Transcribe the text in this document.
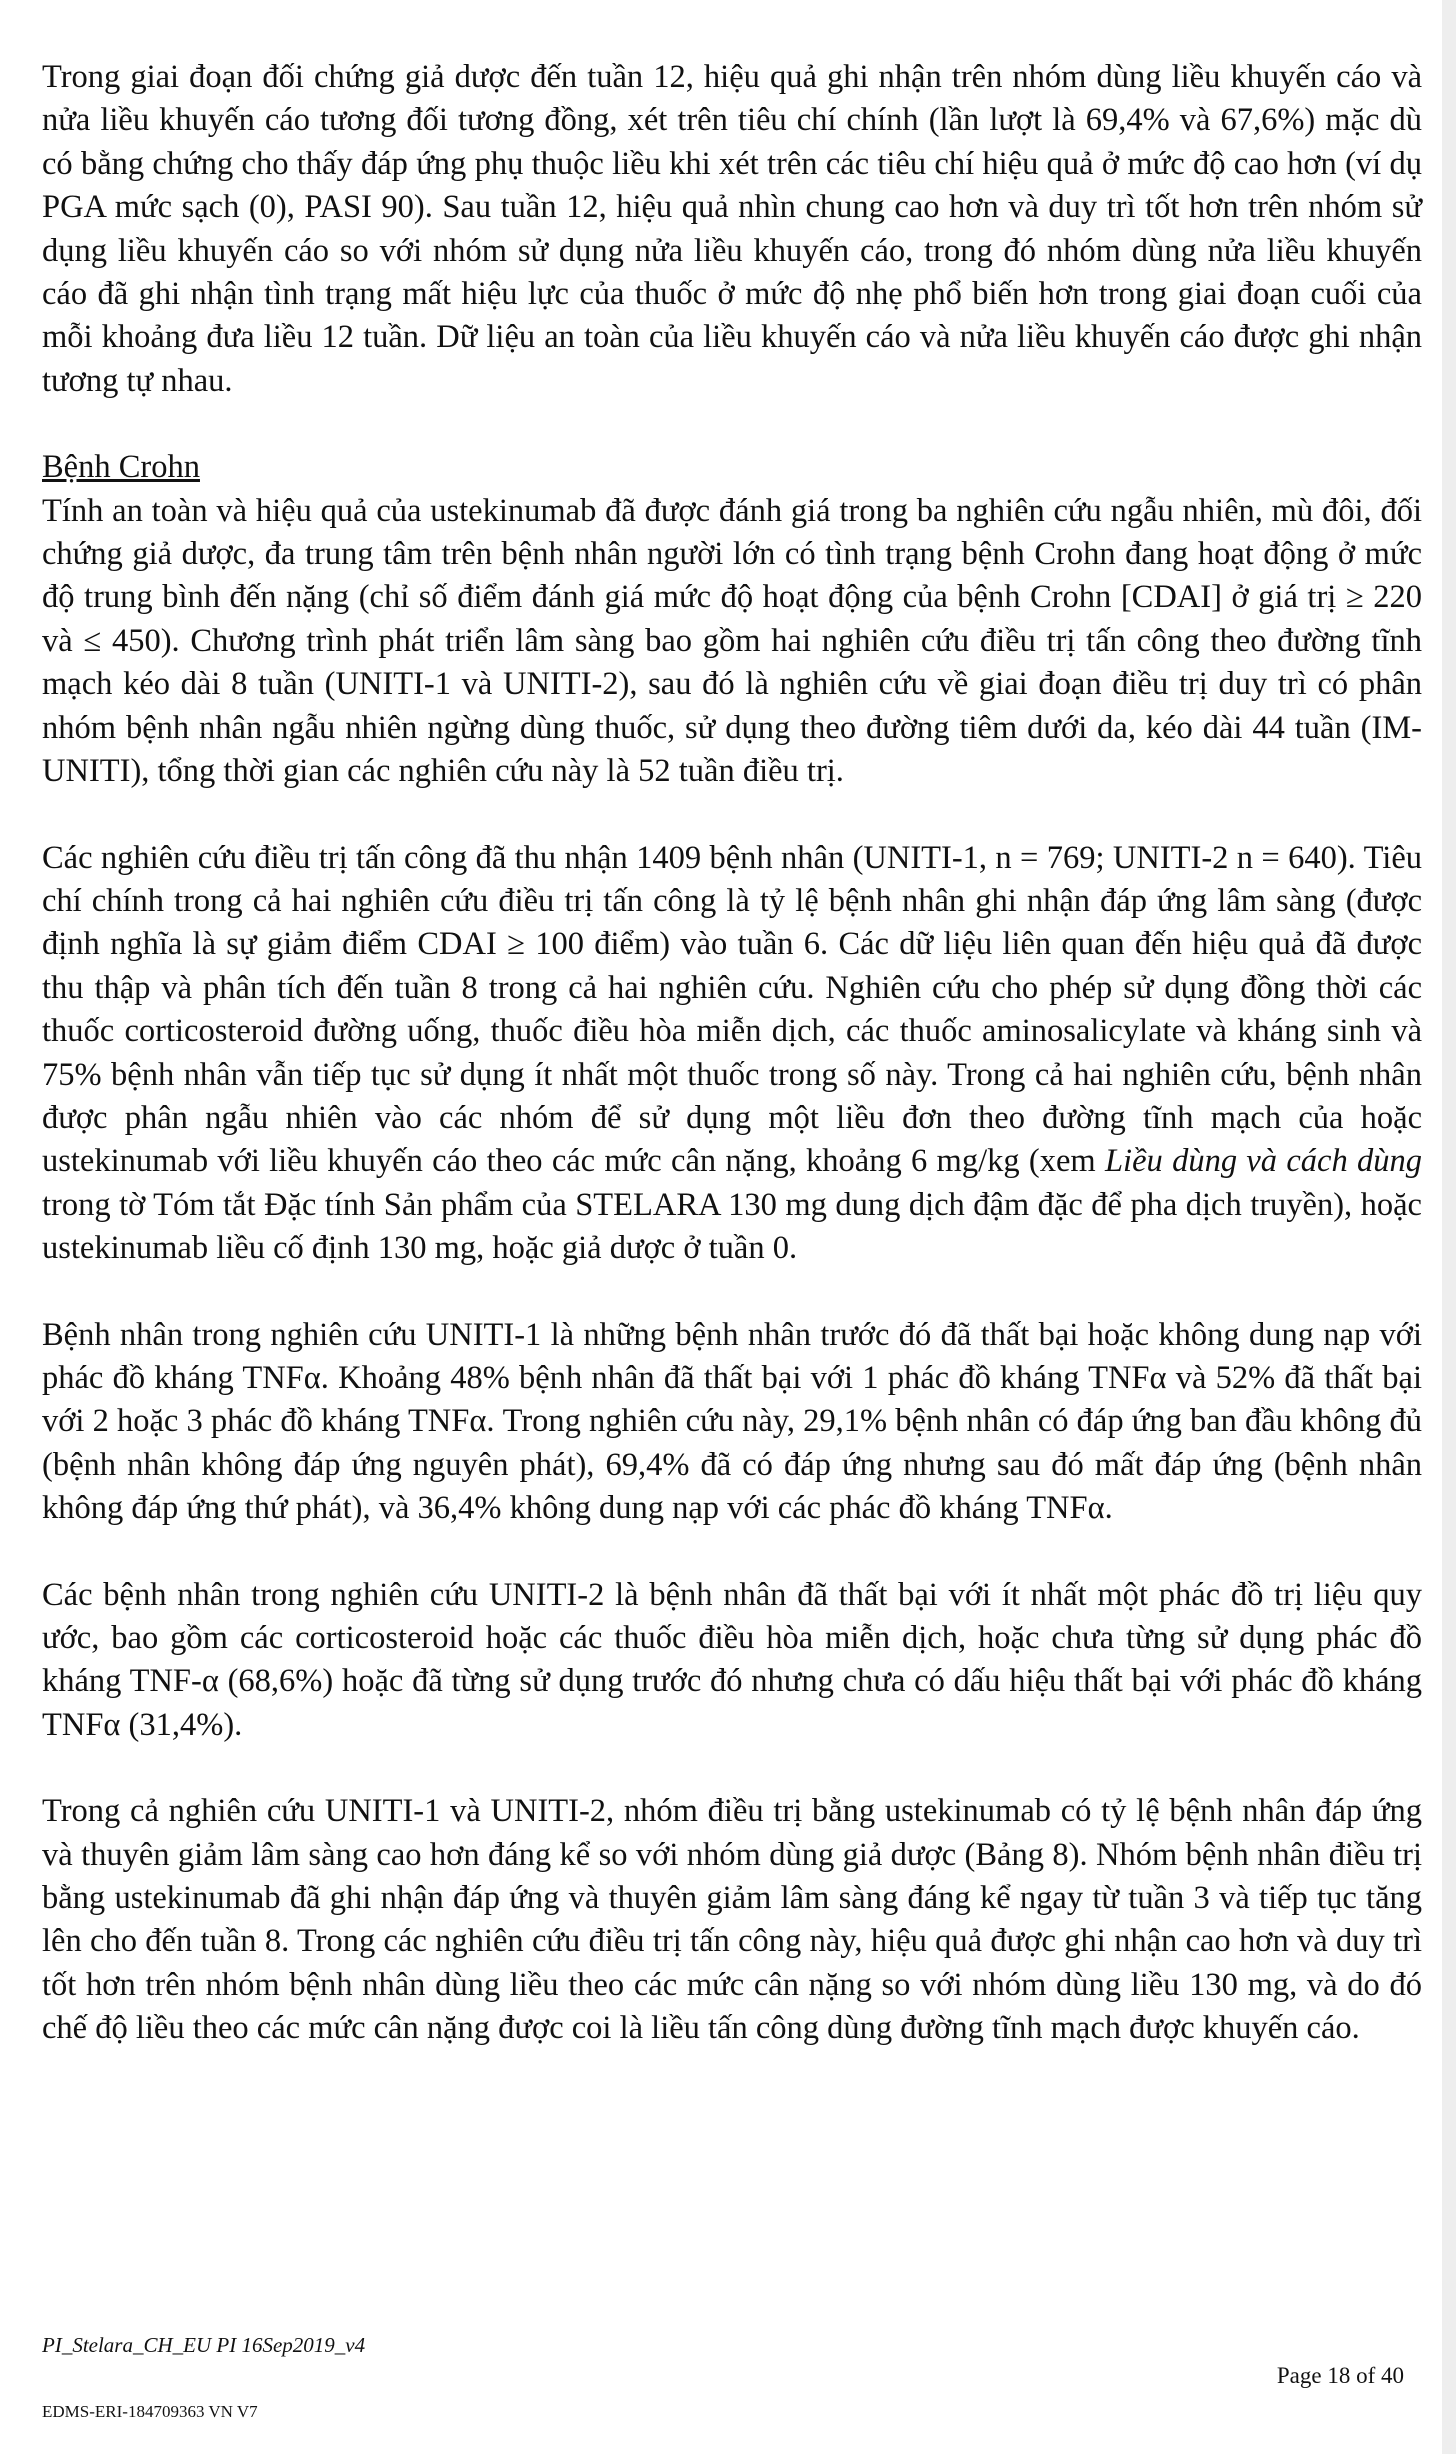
Trong giai đoạn đối chứng giả dược đến tuần 12, hiệu quả ghi nhận trên nhóm dùng liều khuyến cáo và nửa liều khuyến cáo tương đối tương đồng, xét trên tiêu chí chính (lần lượt là 69,4% và 67,6%) mặc dù có bằng chứng cho thấy đáp ứng phụ thuộc liều khi xét trên các tiêu chí hiệu quả ở mức độ cao hơn (ví dụ PGA mức sạch (0), PASI 90). Sau tuần 12, hiệu quả nhìn chung cao hơn và duy trì tốt hơn trên nhóm sử dụng liều khuyến cáo so với nhóm sử dụng nửa liều khuyến cáo, trong đó nhóm dùng nửa liều khuyến cáo đã ghi nhận tình trạng mất hiệu lực của thuốc ở mức độ nhẹ phổ biến hơn trong giai đoạn cuối của mỗi khoảng đưa liều 12 tuần. Dữ liệu an toàn của liều khuyến cáo và nửa liều khuyến cáo được ghi nhận tương tự nhau.

Bệnh Crohn
Tính an toàn và hiệu quả của ustekinumab đã được đánh giá trong ba nghiên cứu ngẫu nhiên, mù đôi, đối chứng giả dược, đa trung tâm trên bệnh nhân người lớn có tình trạng bệnh Crohn đang hoạt động ở mức độ trung bình đến nặng (chỉ số điểm đánh giá mức độ hoạt động của bệnh Crohn [CDAI] ở giá trị ≥ 220 và ≤ 450). Chương trình phát triển lâm sàng bao gồm hai nghiên cứu điều trị tấn công theo đường tĩnh mạch kéo dài 8 tuần (UNITI-1 và UNITI-2), sau đó là nghiên cứu về giai đoạn điều trị duy trì có phân nhóm bệnh nhân ngẫu nhiên ngừng dùng thuốc, sử dụng theo đường tiêm dưới da, kéo dài 44 tuần (IM-UNITI), tổng thời gian các nghiên cứu này là 52 tuần điều trị.

Các nghiên cứu điều trị tấn công đã thu nhận 1409 bệnh nhân (UNITI-1, n = 769; UNITI-2 n = 640). Tiêu chí chính trong cả hai nghiên cứu điều trị tấn công là tỷ lệ bệnh nhân ghi nhận đáp ứng lâm sàng (được định nghĩa là sự giảm điểm CDAI ≥ 100 điểm) vào tuần 6. Các dữ liệu liên quan đến hiệu quả đã được thu thập và phân tích đến tuần 8 trong cả hai nghiên cứu. Nghiên cứu cho phép sử dụng đồng thời các thuốc corticosteroid đường uống, thuốc điều hòa miễn dịch, các thuốc aminosalicylate và kháng sinh và 75% bệnh nhân vẫn tiếp tục sử dụng ít nhất một thuốc trong số này. Trong cả hai nghiên cứu, bệnh nhân được phân ngẫu nhiên vào các nhóm để sử dụng một liều đơn theo đường tĩnh mạch của hoặc ustekinumab với liều khuyến cáo theo các mức cân nặng, khoảng 6 mg/kg (xem Liều dùng và cách dùng trong tờ Tóm tắt Đặc tính Sản phẩm của STELARA 130 mg dung dịch đậm đặc để pha dịch truyền), hoặc ustekinumab liều cố định 130 mg, hoặc giả dược ở tuần 0.

Bệnh nhân trong nghiên cứu UNITI-1 là những bệnh nhân trước đó đã thất bại hoặc không dung nạp với phác đồ kháng TNFα. Khoảng 48% bệnh nhân đã thất bại với 1 phác đồ kháng TNFα và 52% đã thất bại với 2 hoặc 3 phác đồ kháng TNFα. Trong nghiên cứu này, 29,1% bệnh nhân có đáp ứng ban đầu không đủ (bệnh nhân không đáp ứng nguyên phát), 69,4% đã có đáp ứng nhưng sau đó mất đáp ứng (bệnh nhân không đáp ứng thứ phát), và 36,4% không dung nạp với các phác đồ kháng TNFα.

Các bệnh nhân trong nghiên cứu UNITI-2 là bệnh nhân đã thất bại với ít nhất một phác đồ trị liệu quy ước, bao gồm các corticosteroid hoặc các thuốc điều hòa miễn dịch, hoặc chưa từng sử dụng phác đồ kháng TNF-α (68,6%) hoặc đã từng sử dụng trước đó nhưng chưa có dấu hiệu thất bại với phác đồ kháng TNFα (31,4%).

Trong cả nghiên cứu UNITI-1 và UNITI-2, nhóm điều trị bằng ustekinumab có tỷ lệ bệnh nhân đáp ứng và thuyên giảm lâm sàng cao hơn đáng kể so với nhóm dùng giả dược (Bảng 8). Nhóm bệnh nhân điều trị bằng ustekinumab đã ghi nhận đáp ứng và thuyên giảm lâm sàng đáng kể ngay từ tuần 3 và tiếp tục tăng lên cho đến tuần 8. Trong các nghiên cứu điều trị tấn công này, hiệu quả được ghi nhận cao hơn và duy trì tốt hơn trên nhóm bệnh nhân dùng liều theo các mức cân nặng so với nhóm dùng liều 130 mg, và do đó chế độ liều theo các mức cân nặng được coi là liều tấn công dùng đường tĩnh mạch được khuyến cáo.

PI_Stelara_CH_EU PI 16Sep2019_v4
Page 18 of 40
EDMS-ERI-184709363 VN V7
